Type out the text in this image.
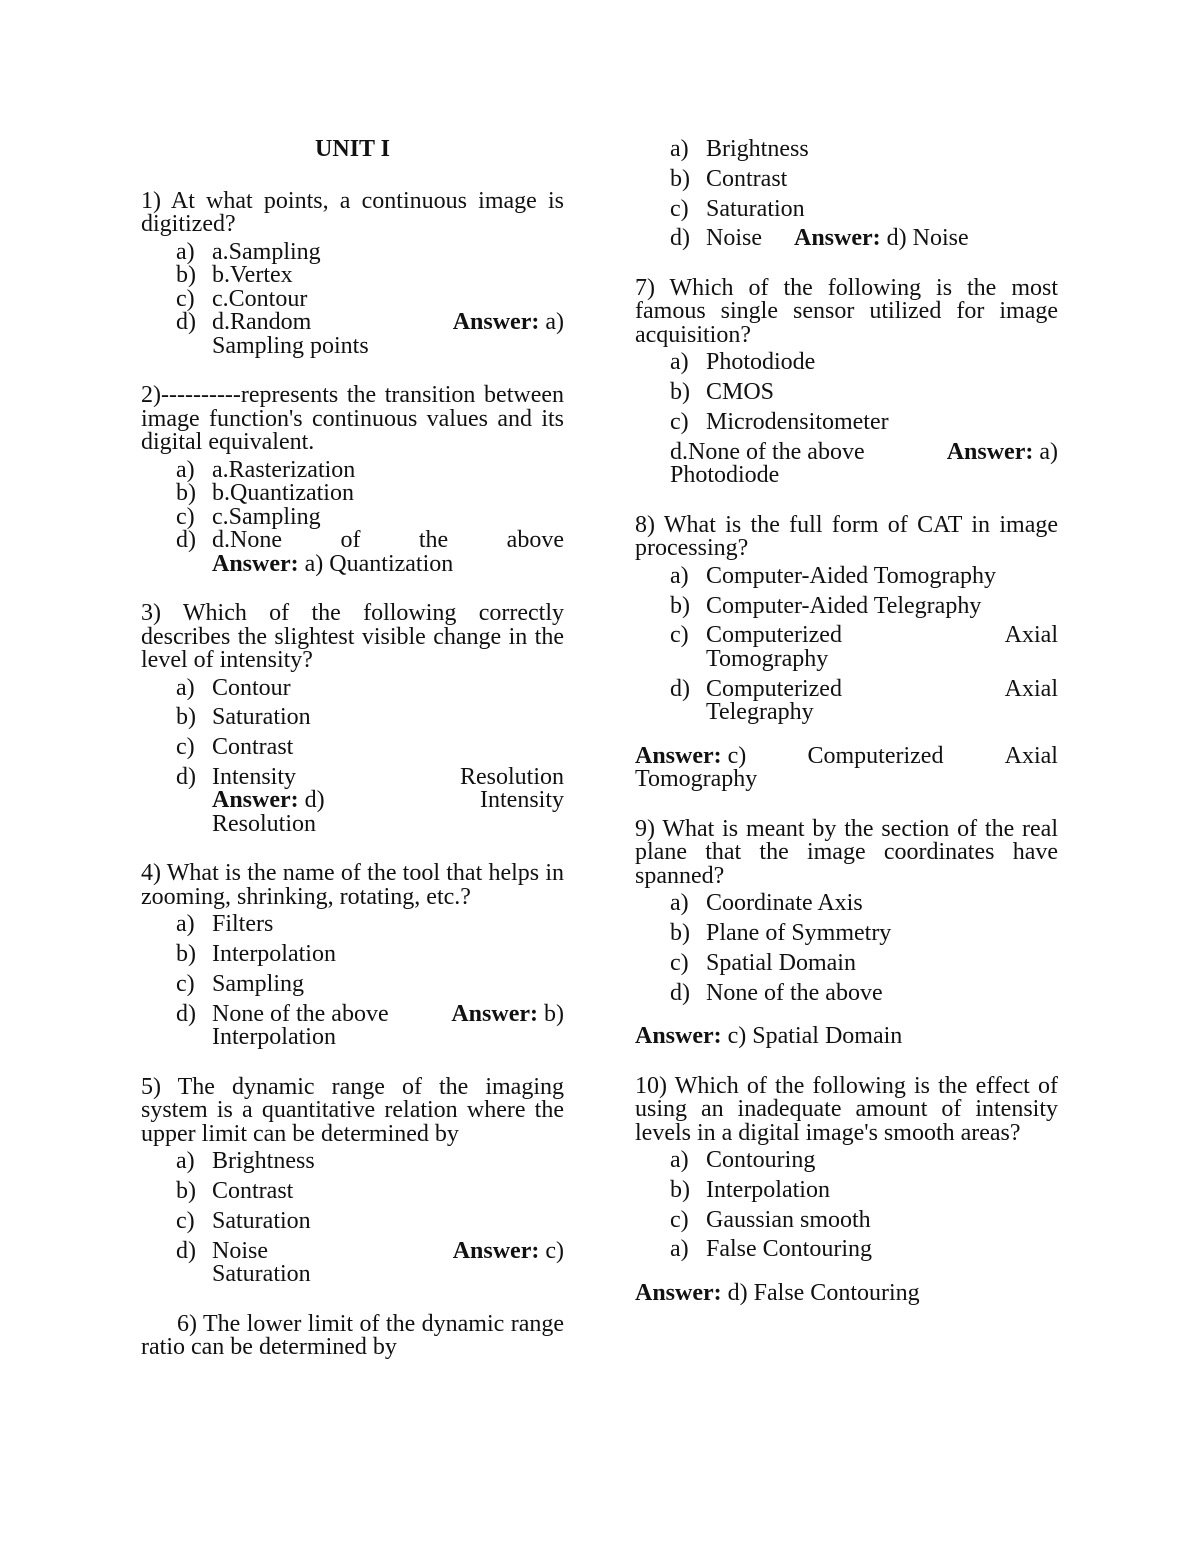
UNIT I

1) At what points, a continuous image is digitized?

a) a.Sampling
b) b.Vertex
c) c.Contour
d) d.Random	Answer: a)
Sampling points

2)----------represents the transition between image function's continuous values and its digital equivalent.

a) a.Rasterization
b) b.Quantization
c) c.Sampling
d) d.None of the above
Answer: a) Quantization

3) Which of the following correctly describes the slightest visible change in the level of intensity?

a) Contour
b) Saturation
c) Contrast
d) Intensity	Resolution
Answer: d)	Intensity
Resolution

4) What is the name of the tool that helps in zooming, shrinking, rotating, etc.?

a) Filters
b) Interpolation
c) Sampling
d) None of the above	Answer: b)
Interpolation

5) The dynamic range of the imaging system is a quantitative relation where the upper limit can be determined by

a) Brightness
b) Contrast
c) Saturation
d) Noise	Answer: c)
Saturation

6) The lower limit of the dynamic range ratio can be determined by

a) Brightness
b) Contrast
c) Saturation
d) Noise Answer: d) Noise

7) Which of the following is the most famous single sensor utilized for image acquisition?

a) Photodiode
b) CMOS
c) Microdensitometer
d.None of the above	Answer: a)
Photodiode

8) What is the full form of CAT in image processing?

a) Computer-Aided Tomography
b) Computer-Aided Telegraphy
c) Computerized	Axial
Tomography
d) Computerized	Axial
Telegraphy
Answer: c)	Computerized	Axial
Tomography

9) What is meant by the section of the real plane that the image coordinates have spanned?

a) Coordinate Axis
b) Plane of Symmetry
c) Spatial Domain
d) None of the above

Answer: c) Spatial Domain

10) Which of the following is the effect of using an inadequate amount of intensity levels in a digital image's smooth areas?

a) Contouring
b) Interpolation
c) Gaussian smooth
a) False Contouring

Answer: d) False Contouring
